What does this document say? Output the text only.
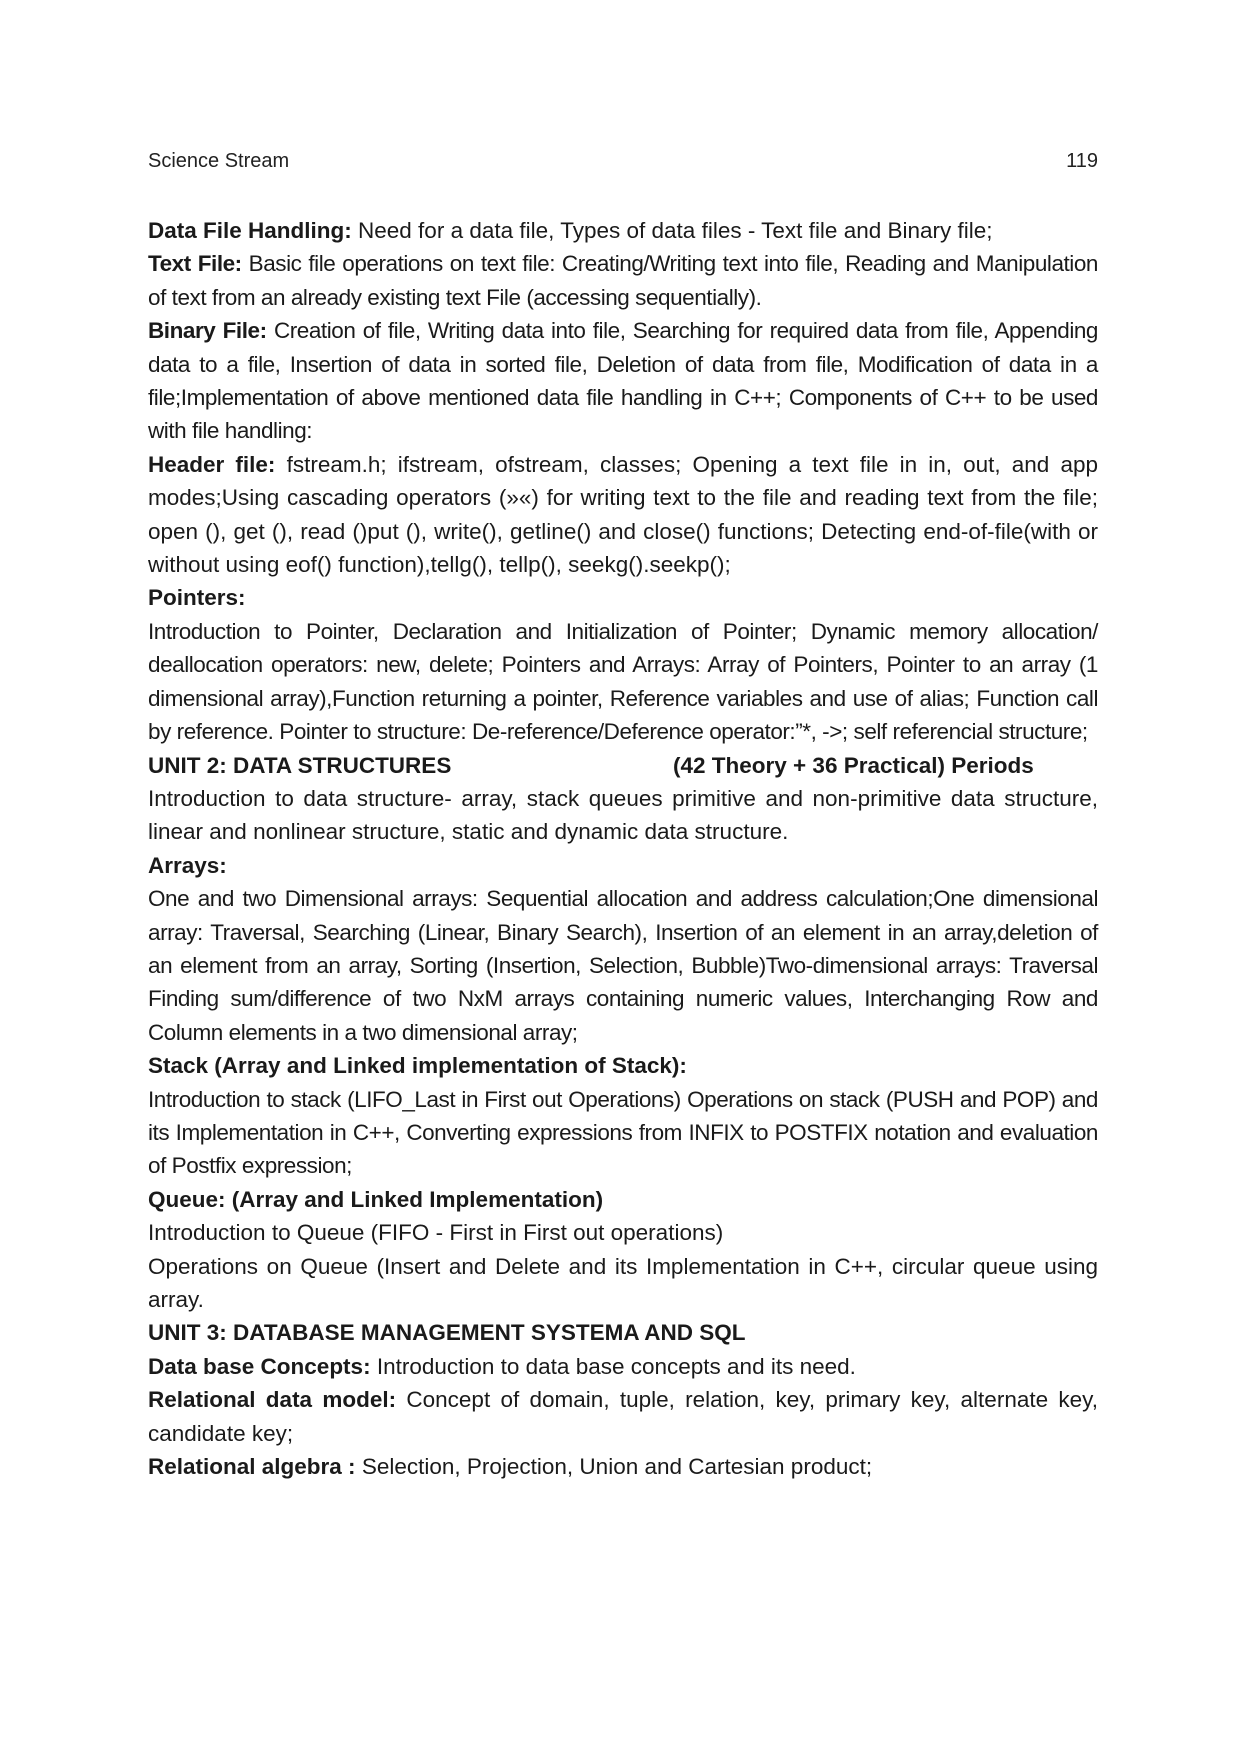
Science Stream	119

Data File Handling: Need for a data file, Types of data files - Text file and Binary file;

Text File: Basic file operations on text file: Creating/Writing text into file, Reading and Manipulation of text from an already existing text File (accessing sequentially).

Binary File: Creation of file, Writing data into file, Searching for required data from file, Appending data to a file, Insertion of data in sorted file, Deletion of data from file, Modification of data in a file;Implementation of above mentioned data file handling in C++; Components of C++ to be used with file handling:

Header file: fstream.h; ifstream, ofstream, classes; Opening a text file in in, out, and app modes;Using cascading operators (»«) for writing text to the file and reading text from the file; open (), get (), read ()put (), write(), getline() and close() functions; Detecting end-of-file(with or without using eof() function),tellg(), tellp(), seekg().seekp();

Pointers:

Introduction to Pointer, Declaration and Initialization of Pointer; Dynamic memory allocation/ deallocation operators: new, delete; Pointers and Arrays: Array of Pointers, Pointer to an array (1 dimensional array),Function returning a pointer, Reference variables and use of alias; Function call by reference. Pointer to structure: De-reference/Deference operator:”*, ->; self referencial structure;

UNIT 2: DATA STRUCTURES	(42 Theory + 36 Practical) Periods

Introduction to data structure- array, stack queues primitive and non-primitive data structure, linear and nonlinear structure, static and dynamic data structure.

Arrays:

One and two Dimensional arrays: Sequential allocation and address calculation;One dimensional array: Traversal, Searching (Linear, Binary Search), Insertion of an element in an array,deletion of an element from an array, Sorting (Insertion, Selection, Bubble)Two-dimensional arrays: Traversal Finding sum/difference of two NxM arrays containing numeric values, Interchanging Row and Column elements in a two dimensional array;

Stack (Array and Linked implementation of Stack):

Introduction to stack (LIFO_Last in First out Operations) Operations on stack (PUSH and POP) and its Implementation in C++, Converting expressions from INFIX to POSTFIX notation and evaluation of Postfix expression;

Queue: (Array and Linked Implementation)

Introduction to Queue (FIFO - First in First out operations)

Operations on Queue (Insert and Delete and its Implementation in C++, circular queue using array.

UNIT 3: DATABASE MANAGEMENT SYSTEMA AND SQL

Data base Concepts: Introduction to data base concepts and its need.

Relational data model: Concept of domain, tuple, relation, key, primary key, alternate key, candidate key;

Relational algebra : Selection, Projection, Union and Cartesian product;
